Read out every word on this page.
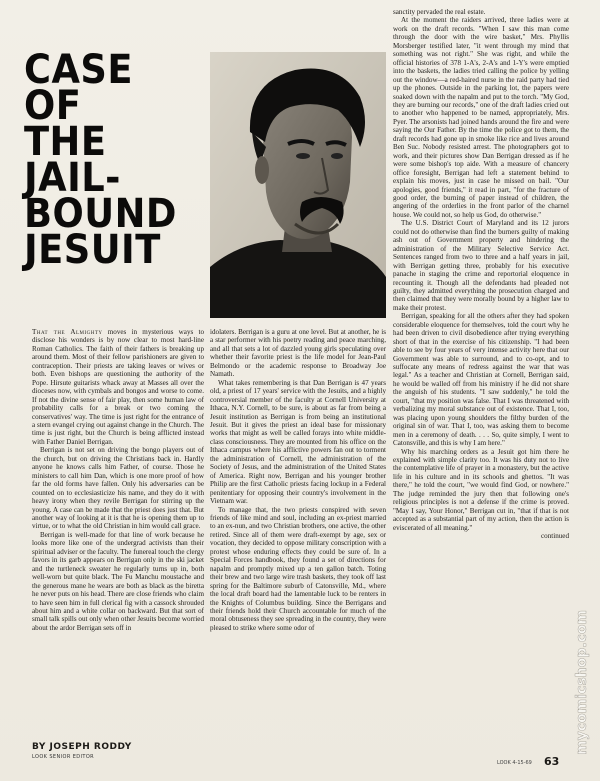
CASE
OF
THE
JAIL-
BOUND
JESUIT

That the Almighty moves in mysterious ways to disclose his wonders is by now clear to most hard-line Roman Catholics. The faith of their fathers is breaking up around them. Most of their fellow parishioners are given to contraception. Their priests are taking leaves or wives or both. Even bishops are questioning the authority of the Pope. Hirsute guitarists whack away at Masses all over the dioceses now, with cymbals and bongos and worse to come. If not the divine sense of fair play, then some human law of probability calls for a break or two coming the conservatives' way. The time is just right for the entrance of a stern evangel crying out against change in the Church. The time is just right, but the Church is being afflicted instead with Father Daniel Berrigan.

Berrigan is not set on driving the bongo players out of the church, but on driving the Christians back in. Hardly anyone he knows calls him Father, of course. Those he ministers to call him Dan, which is one more proof of how far the old forms have fallen. Only his adversaries can be counted on to ecclesiasticize his name, and they do it with heavy irony when they revile Berrigan for stirring up the young. A case can be made that the priest does just that. But another way of looking at it is that he is opening them up to virtue, or to what the old Christian in him would call grace.

Berrigan is well-made for that line of work because he looks more like one of the undergrad activists than their spiritual adviser or the faculty. The funereal touch the clergy favors in its garb appears on Berrigan only in the ski jacket and the turtleneck sweater he regularly turns up in, both well-worn but quite black. The Fu Manchu moustache and the generous mane he wears are both as black as the biretta he never puts on his head. There are close friends who claim to have seen him in full clerical fig with a cassock shrouded about him and a white collar on backward. But that sort of small talk spills out only when other Jesuits become worried about the ardor Berrigan sets off in

BY JOSEPH RODDY
LOOK SENIOR EDITOR

idolaters. Berrigan is a guru at one level. But at another, he is a star performer with his poetry reading and peace marching, and all that sets a lot of dazzled young girls speculating over whether their favorite priest is the life model for Jean-Paul Belmondo or the academic response to Broadway Joe Namath.

What takes remembering is that Dan Berrigan is 47 years old, a priest of 17 years' service with the Jesuits, and a highly controversial member of the faculty at Cornell University at Ithaca, N.Y. Cornell, to be sure, is about as far from being a Jesuit institution as Berrigan is from being an institutional Jesuit. But it gives the priest an ideal base for missionary works that might as well be called forays into white middle-class consciousness. They are mounted from his office on the Ithaca campus where his afflictive powers fan out to torment the administration of Cornell, the administration of the Society of Jesus, and the administration of the United States of America. Right now, Berrigan and his younger brother Philip are the first Catholic priests facing lockup in a Federal penitentiary for opposing their country's involvement in the Vietnam war.

To manage that, the two priests conspired with seven friends of like mind and soul, including an ex-priest married to an ex-nun, and two Christian brothers, one active, the other retired. Since all of them were draft-exempt by age, sex or vocation, they decided to oppose military conscription with a protest whose enduring effects they could be sure of. In a Special Forces handbook, they found a set of directions for napalm and promptly mixed up a ten gallon batch. Toting their brew and two large wire trash baskets, they took off last spring for the Baltimore suburb of Catonsville, Md., where the local draft board had the lamentable luck to be renters in the Knights of Columbus building. Since the Berrigans and their friends hold their Church accountable for much of the moral obtuseness they see spreading in the country, they were pleased to strike where some odor of

sanctity pervaded the real estate.

At the moment the raiders arrived, three ladies were at work on the draft records. "When I saw this man come through the door with the wire basket," Mrs. Phyllis Morsberger testified later, "it went through my mind that something was not right." She was right, and while the official histories of 378 1-A's, 2-A's and 1-Y's were emptied into the baskets, the ladies tried calling the police by yelling out the window—a red-haired nurse in the raid party had tied up the phones. Outside in the parking lot, the papers were soaked down with the napalm and put to the torch. "My God, they are burning our records," one of the draft ladies cried out to another who happened to be named, appropriately, Mrs. Pyer. The arsonists had joined hands around the fire and were saying the Our Father. By the time the police got to them, the draft records had gone up in smoke like rice and lives around Ben Suc. Nobody resisted arrest. The photographers got to work, and their pictures show Dan Berrigan dressed as if he were some bishop's top aide. With a measure of chancery office foresight, Berrigan had left a statement behind to explain his moves, just in case he missed on bail. "Our apologies, good friends," it read in part, "for the fracture of good order, the burning of paper instead of children, the angering of the orderlies in the front parlor of the charnel house. We could not, so help us God, do otherwise."

The U.S. District Court of Maryland and its 12 jurors could not do otherwise than find the burners guilty of making ash out of Government property and hindering the administration of the Military Selective Service Act. Sentences ranged from two to three and a half years in jail, with Berrigan getting three, probably for his executive panache in staging the crime and reportorial eloquence in recounting it. Though all the defendants had pleaded not guilty, they admitted everything the prosecution charged and then claimed that they were morally bound by a higher law to make their protest.

Berrigan, speaking for all the others after they had spoken considerable eloquence for themselves, told the court why he had been driven to civil disobedience after trying everything short of that in the exercise of his citizenship. "I had been able to see by four years of very intense activity here that our Government was able to surround, and to co-opt, and to suffocate any means of redress against the war that was legal." As a teacher and Christian at Cornell, Berrigan said, he would be walled off from his ministry if he did not share the anguish of his students. "I saw suddenly," he told the court, "that my position was false. That I was threatened with verbalizing my moral substance out of existence. That I, too, was placing upon young shoulders the filthy burden of the original sin of war. That I, too, was asking them to become men in a ceremony of death. . . . So, quite simply, I went to Catonsville, and this is why I am here."

Why his marching orders as a Jesuit got him there he explained with simple clarity too. It was his duty not to live the contemplative life of prayer in a monastery, but the active life in his culture and in its schools and ghettos. "It was there," he told the court, "we would find God, or nowhere." The judge reminded the jury then that following one's religious principles is not a defense if the crime is proved. "May I say, Your Honor," Berrigan cut in, "that if that is not accepted as a substantial part of my action, then the action is eviscerated of all meaning."

continued

LOOK 4-15-69 63
mycomicshop.com
